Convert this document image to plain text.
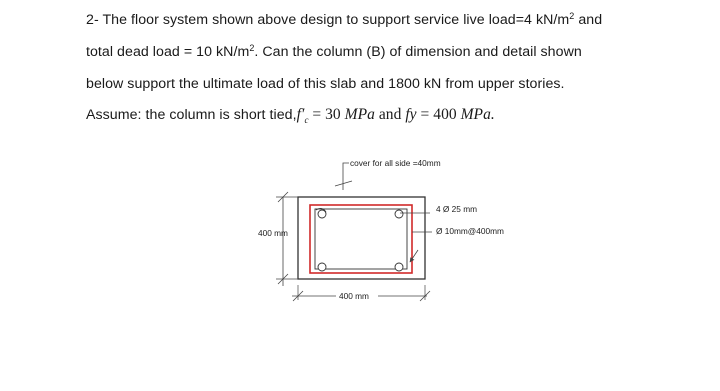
2- The floor system shown above design to support service live load=4 $kN/m^2$ and
total dead load = 10 $kN/m^2$. Can the column (B) of dimension and detail shown
below support the ultimate load of this slab and 1800 kN from upper stories.
Assume: the column is short $tied,f'_c = 30$ MPa and fy = 400 MPa.
cover for all side =40mm
4 Ø 25 mm
Ø 10mm@400mm
400 mm
400 mm
